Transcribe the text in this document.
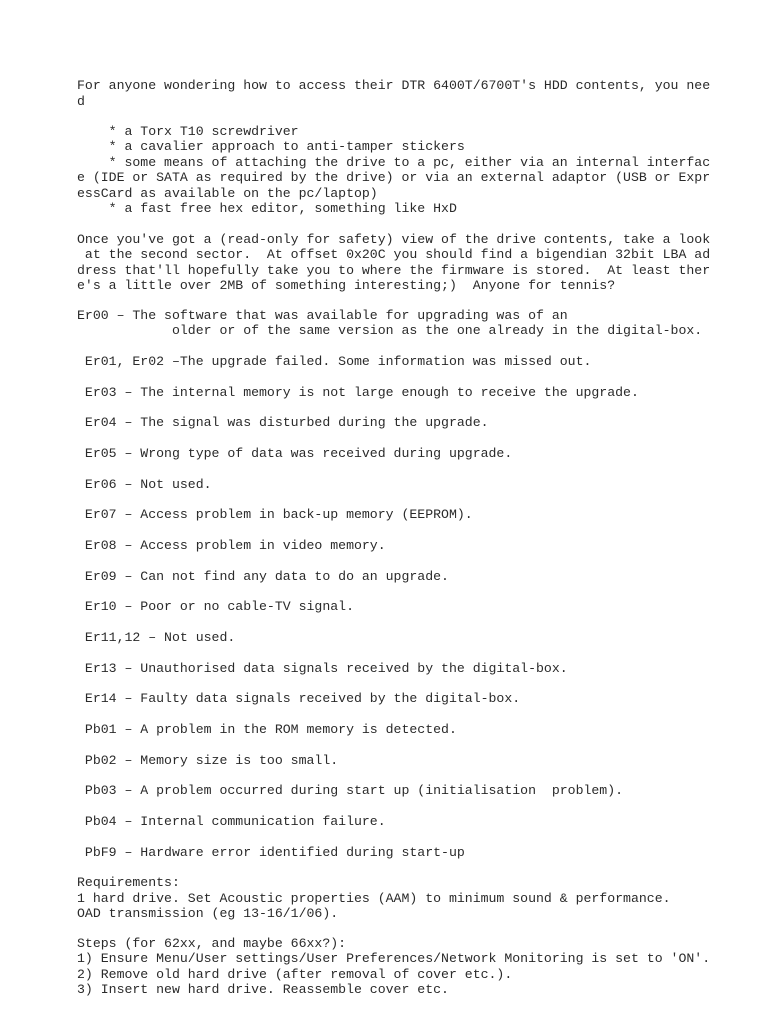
For anyone wondering how to access their DTR 6400T/6700T's HDD contents, you nee

d

* a Torx T10 screwdriver

* a cavalier approach to anti-tamper stickers

* some means of attaching the drive to a pc, either via an internal interfac

e (IDE or SATA as required by the drive) or via an external adaptor (USB or Expr

essCard as available on the pc/laptop)

* a fast free hex editor, something like HxD

Once you've got a (read-only for safety) view of the drive contents, take a look

at the second sector.  At offset 0x20C you should find a bigendian 32bit LBA ad

dress that'll hopefully take you to where the firmware is stored.  At least ther

e's a little over 2MB of something interesting;)  Anyone for tennis?

Er00 – The software that was available for upgrading was of an

older or of the same version as the one already in the digital-box.

Er01, Er02 –The upgrade failed. Some information was missed out.

Er03 – The internal memory is not large enough to receive the upgrade.

Er04 – The signal was disturbed during the upgrade.

Er05 – Wrong type of data was received during upgrade.

Er06 – Not used.

Er07 – Access problem in back-up memory (EEPROM).

Er08 – Access problem in video memory.

Er09 – Can not find any data to do an upgrade.

Er10 – Poor or no cable-TV signal.

Er11,12 – Not used.

Er13 – Unauthorised data signals received by the digital-box.

Er14 – Faulty data signals received by the digital-box.

Pb01 – A problem in the ROM memory is detected.

Pb02 – Memory size is too small.

Pb03 – A problem occurred during start up (initialisation  problem).

Pb04 – Internal communication failure.

PbF9 – Hardware error identified during start-up

Requirements:

1 hard drive. Set Acoustic properties (AAM) to minimum sound & performance.

OAD transmission (eg 13-16/1/06).

Steps (for 62xx, and maybe 66xx?):

1) Ensure Menu/User settings/User Preferences/Network Monitoring is set to 'ON'.

2) Remove old hard drive (after removal of cover etc.).

3) Insert new hard drive. Reassemble cover etc.
